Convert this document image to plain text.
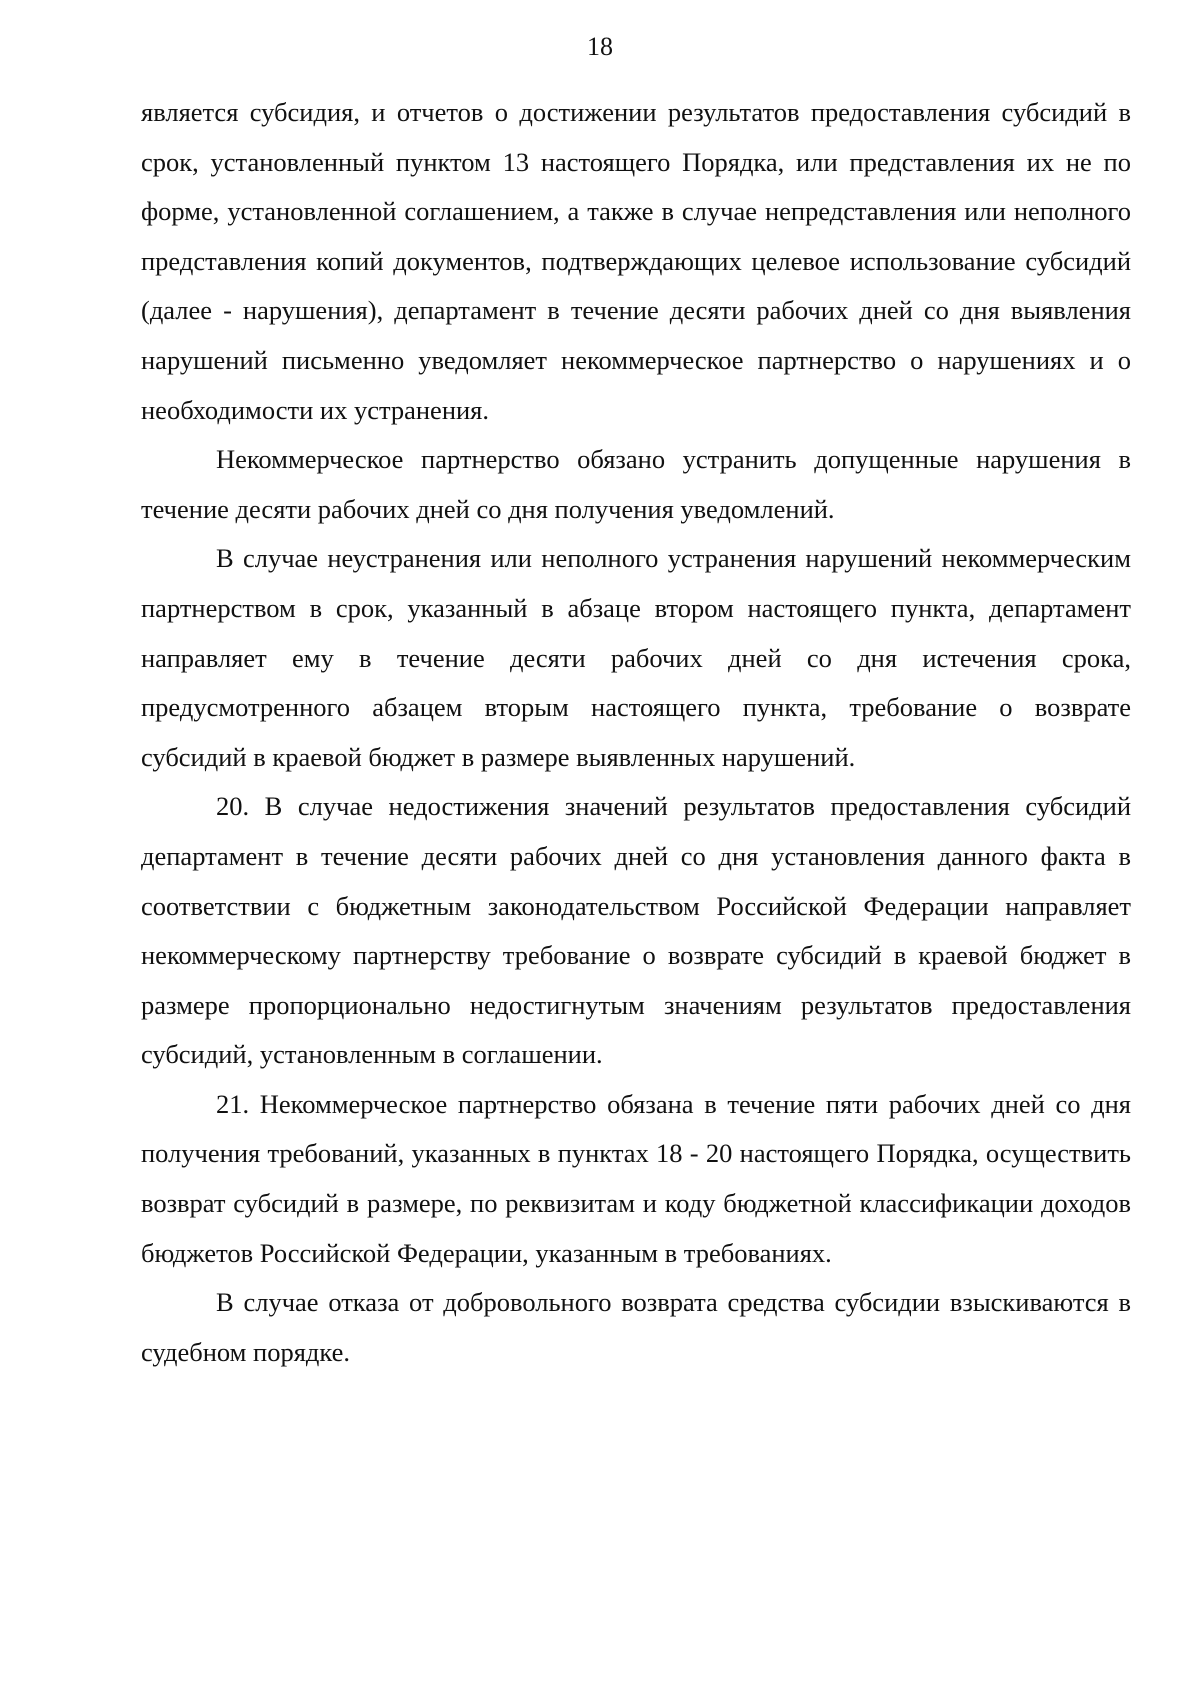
18

является субсидия, и отчетов о достижении результатов предоставления субсидий в срок, установленный пунктом 13 настоящего Порядка, или представления их не по форме, установленной соглашением, а также в случае непредставления или неполного представления копий документов, подтверждающих целевое использование субсидий (далее - нарушения), департамент в течение десяти рабочих дней со дня выявления нарушений письменно уведомляет некоммерческое партнерство о нарушениях и о необходимости их устранения.

Некоммерческое партнерство обязано устранить допущенные нарушения в течение десяти рабочих дней со дня получения уведомлений.

В случае неустранения или неполного устранения нарушений некоммерческим партнерством в срок, указанный в абзаце втором настоящего пункта, департамент направляет ему в течение десяти рабочих дней со дня истечения срока, предусмотренного абзацем вторым настоящего пункта, требование о возврате субсидий в краевой бюджет в размере выявленных нарушений.

20. В случае недостижения значений результатов предоставления субсидий департамент в течение десяти рабочих дней со дня установления данного факта в соответствии с бюджетным законодательством Российской Федерации направляет некоммерческому партнерству требование о возврате субсидий в краевой бюджет в размере пропорционально недостигнутым значениям результатов предоставления субсидий, установленным в соглашении.

21. Некоммерческое партнерство обязана в течение пяти рабочих дней со дня получения требований, указанных в пунктах 18 - 20 настоящего Порядка, осуществить возврат субсидий в размере, по реквизитам и коду бюджетной классификации доходов бюджетов Российской Федерации, указанным в требованиях.

В случае отказа от добровольного возврата средства субсидии взыскиваются в судебном порядке.
